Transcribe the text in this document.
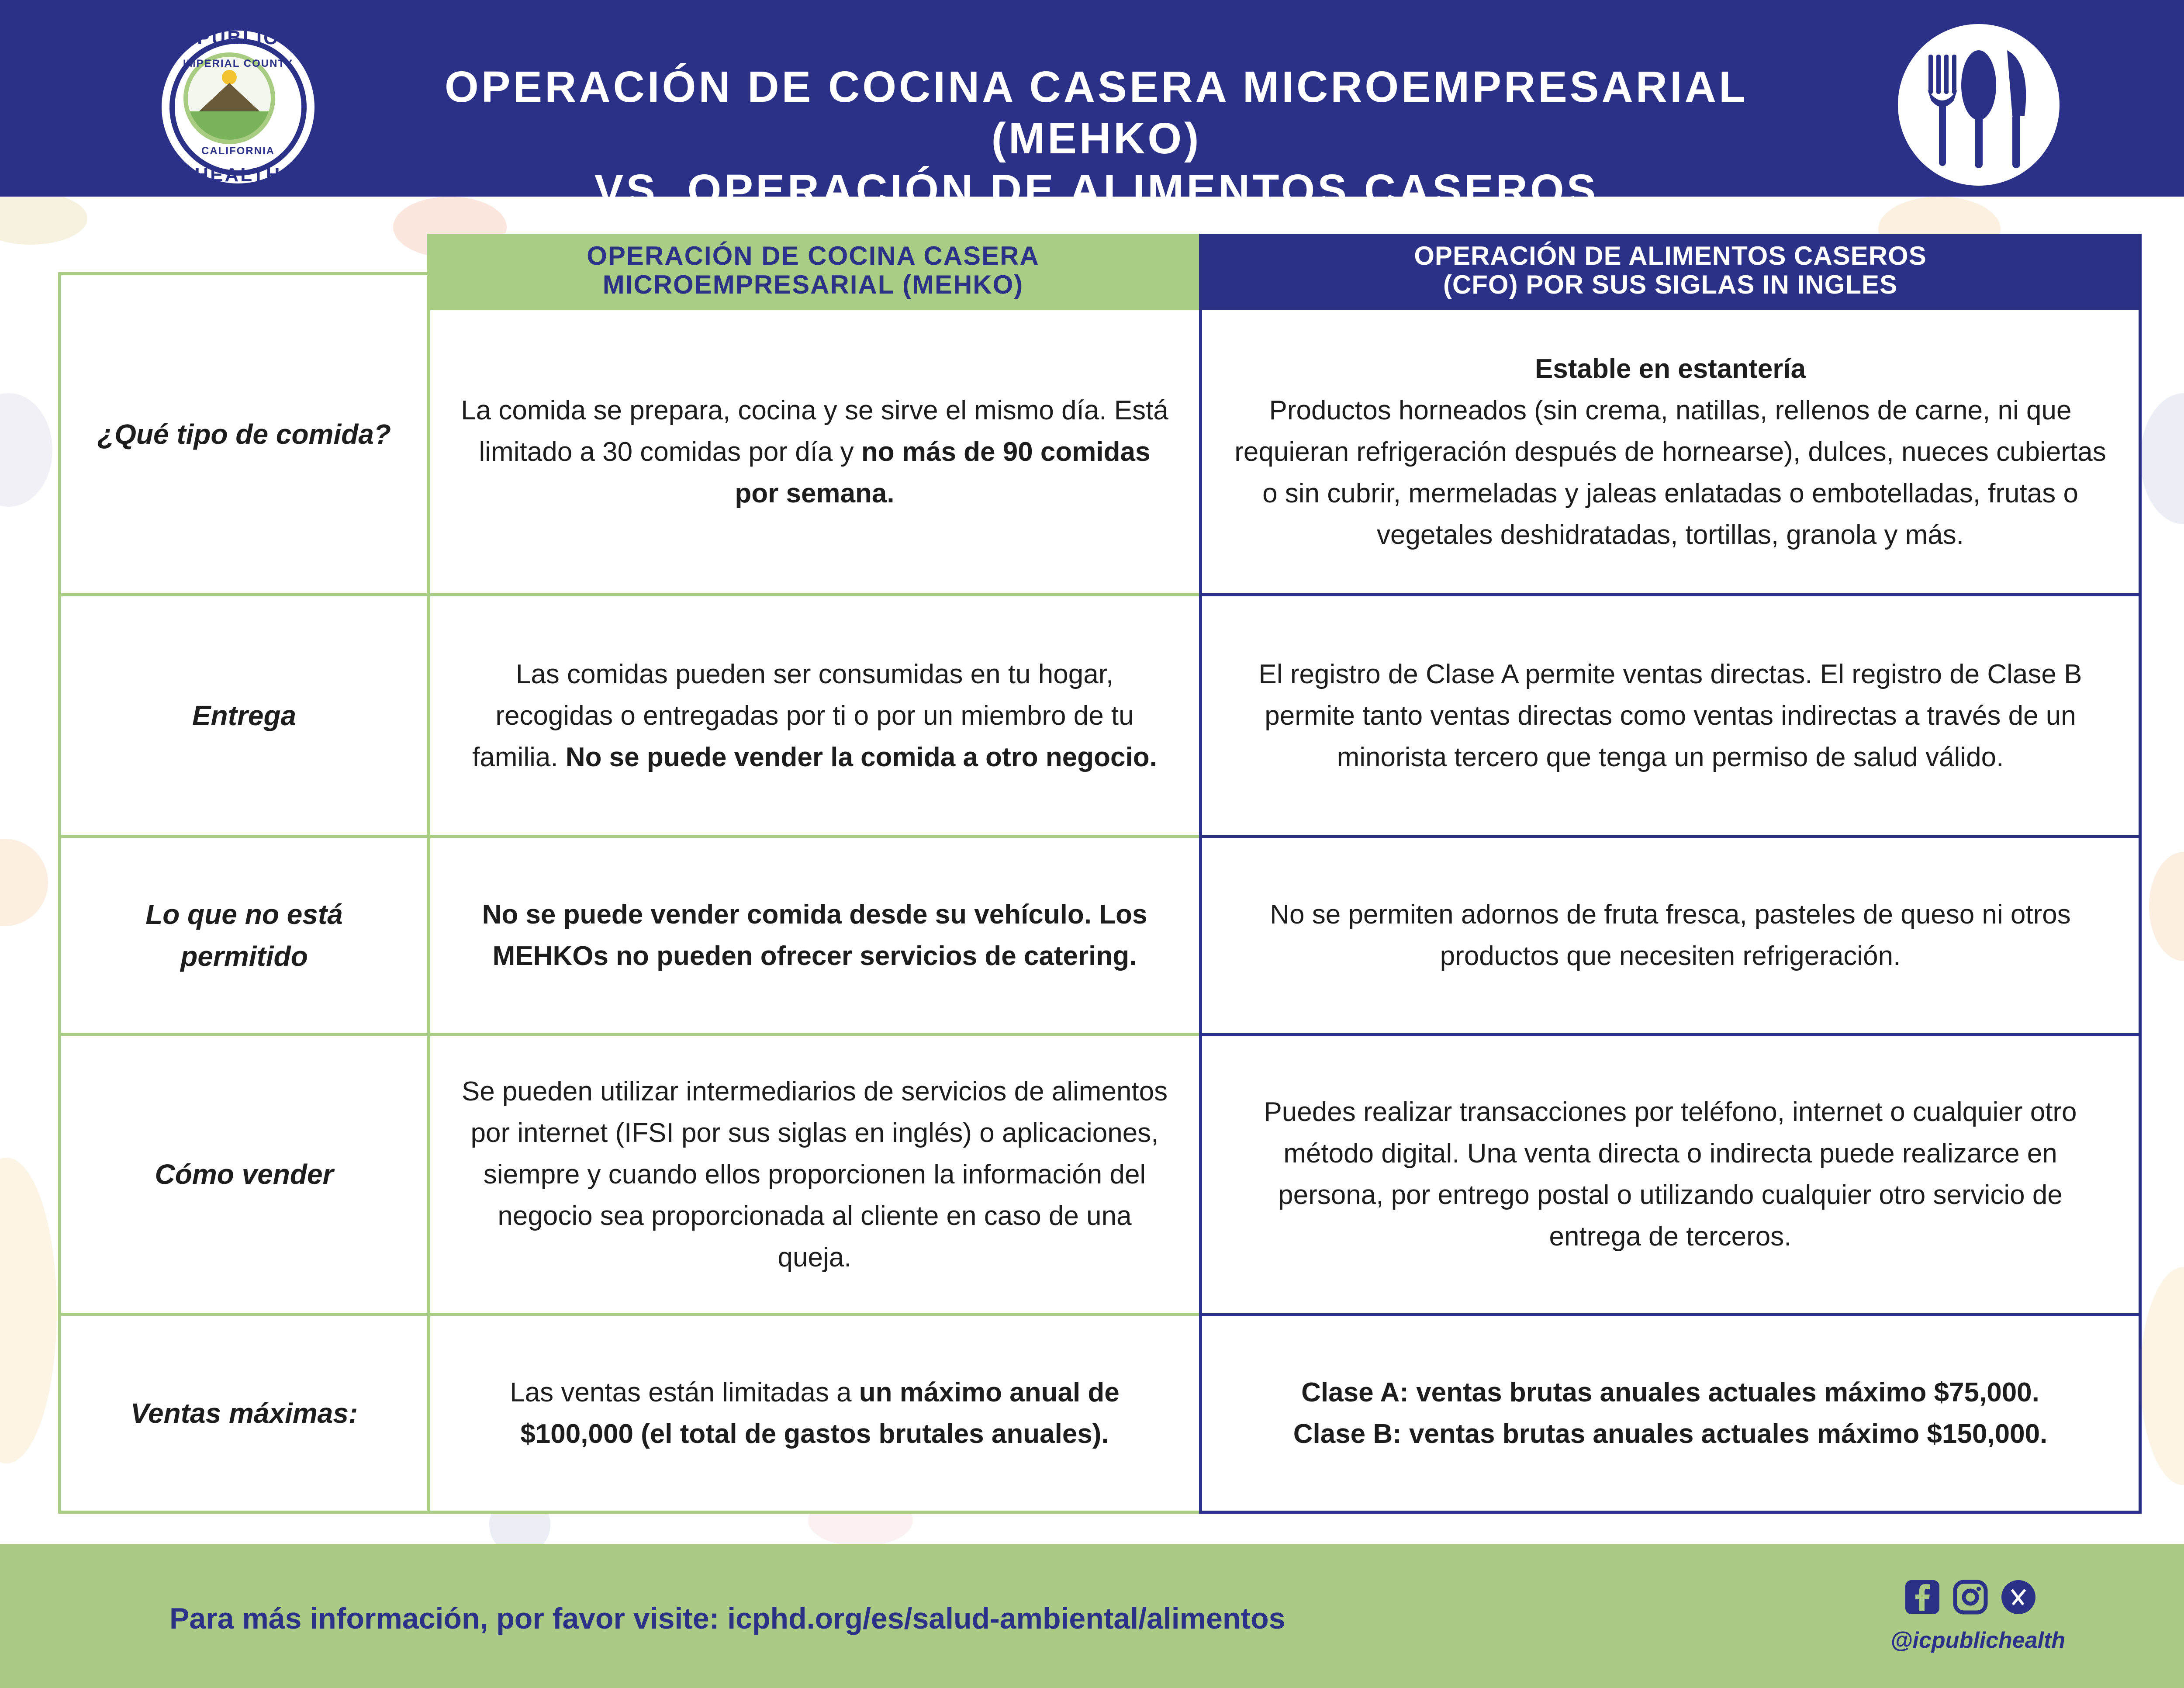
PUBLIC
IMPERIAL COUNTY
CALIFORNIA
HEALTH
OPERACIÓN DE COCINA CASERA MICROEMPRESARIAL (MEHKO)
VS. OPERACIÓN DE ALIMENTOS CASEROS
OPERACIÓN DE COCINA CASERA
MICROEMPRESARIAL (MEHKO)
OPERACIÓN DE ALIMENTOS CASEROS
(CFO) POR SUS SIGLAS IN INGLES
¿Qué tipo de comida?
La comida se prepara, cocina y se sirve el mismo día. Está limitado a 30 comidas por día y no más de 90 comidas por semana.
Estable en estantería
Productos horneados (sin crema, natillas, rellenos de carne, ni que requieran refrigeración después de hornearse), dulces, nueces cubiertas o sin cubrir, mermeladas y jaleas enlatadas o embotelladas, frutas o vegetales deshidratadas, tortillas, granola y más.
Entrega
Las comidas pueden ser consumidas en tu hogar, recogidas o entregadas por ti o por un miembro de tu familia. No se puede vender la comida a otro negocio.
El registro de Clase A permite ventas directas. El registro de Clase B permite tanto ventas directas como ventas indirectas a través de un minorista tercero que tenga un permiso de salud válido.
Lo que no está permitido
No se puede vender comida desde su vehículo. Los MEHKOs no pueden ofrecer servicios de catering.
No se permiten adornos de fruta fresca, pasteles de queso ni otros productos que necesiten refrigeración.
Cómo vender
Se pueden utilizar intermediarios de servicios de alimentos por internet (IFSI por sus siglas en inglés) o aplicaciones, siempre y cuando ellos proporcionen la información del negocio sea proporcionada al cliente en caso de una queja.
Puedes realizar transacciones por teléfono, internet o cualquier otro método digital. Una venta directa o indirecta puede realizarce en persona, por entrego postal o utilizando cualquier otro servicio de entrega de terceros.
Ventas máximas:
Las ventas están limitadas a un máximo anual de $100,000 (el total de gastos brutales anuales).
Clase A: ventas brutas anuales actuales máximo $75,000.
Clase B: ventas brutas anuales actuales máximo $150,000.
Para más información, por favor visite: icphd.org/es/salud-ambiental/alimentos
@icpublichealth
